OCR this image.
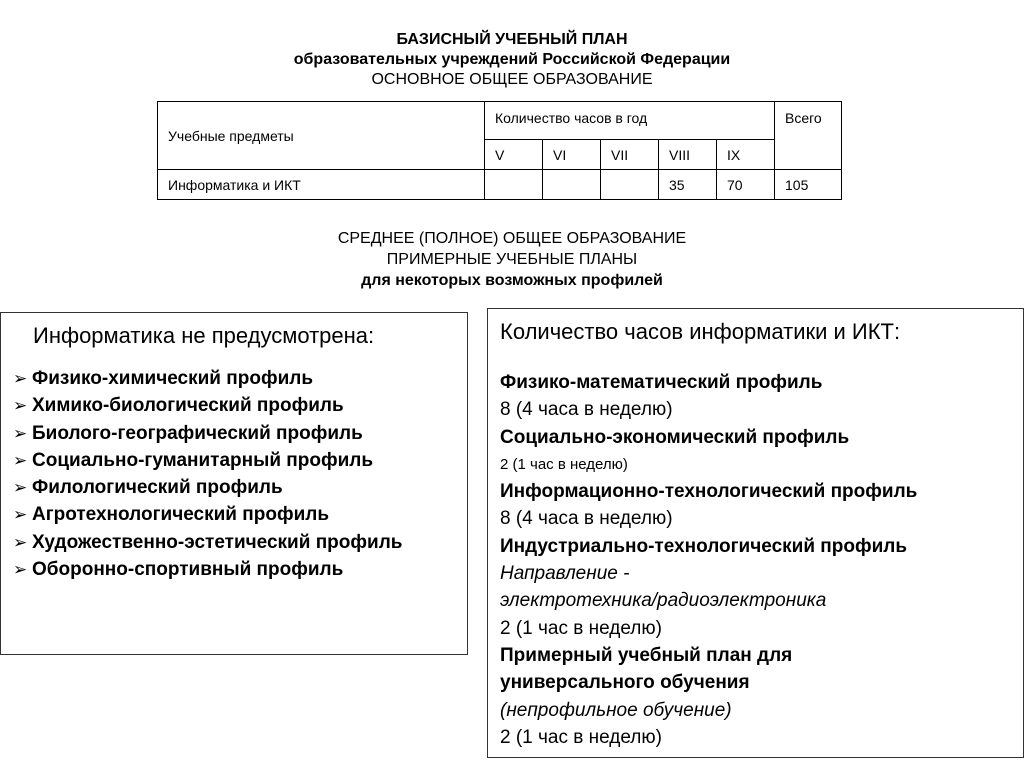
БАЗИСНЫЙ УЧЕБНЫЙ ПЛАН
образовательных учреждений Российской Федерации
ОСНОВНОЕ ОБЩЕЕ ОБРАЗОВАНИЕ
Учебные предметы	Количество часов в год					Всего
	V	VI	VII	VIII	IX	
Информатика и ИКТ				35	70	105
СРЕДНЕЕ (ПОЛНОЕ) ОБЩЕЕ ОБРАЗОВАНИЕ
ПРИМЕРНЫЕ УЧЕБНЫЕ ПЛАНЫ
для некоторых возможных профилей
Информатика не предусмотрена:
➢ Физико-химический профиль
➢ Химико-биологический профиль
➢ Биолого-географический профиль
➢ Социально-гуманитарный профиль
➢ Филологический профиль
➢ Агротехнологический профиль
➢ Художественно-эстетический профиль
➢ Оборонно-спортивный профиль
Количество часов информатики и ИКТ:
Физико-математический профиль
8 (4 часа в неделю)
Социально-экономический профиль
2 (1 час в неделю)
Информационно-технологический профиль
8 (4 часа в неделю)
Индустриально-технологический профиль
Направление -
электротехника/радиоэлектроника
2 (1 час в неделю)
Примерный учебный план для
универсального обучения
(непрофильное обучение)
2 (1 час в неделю)
